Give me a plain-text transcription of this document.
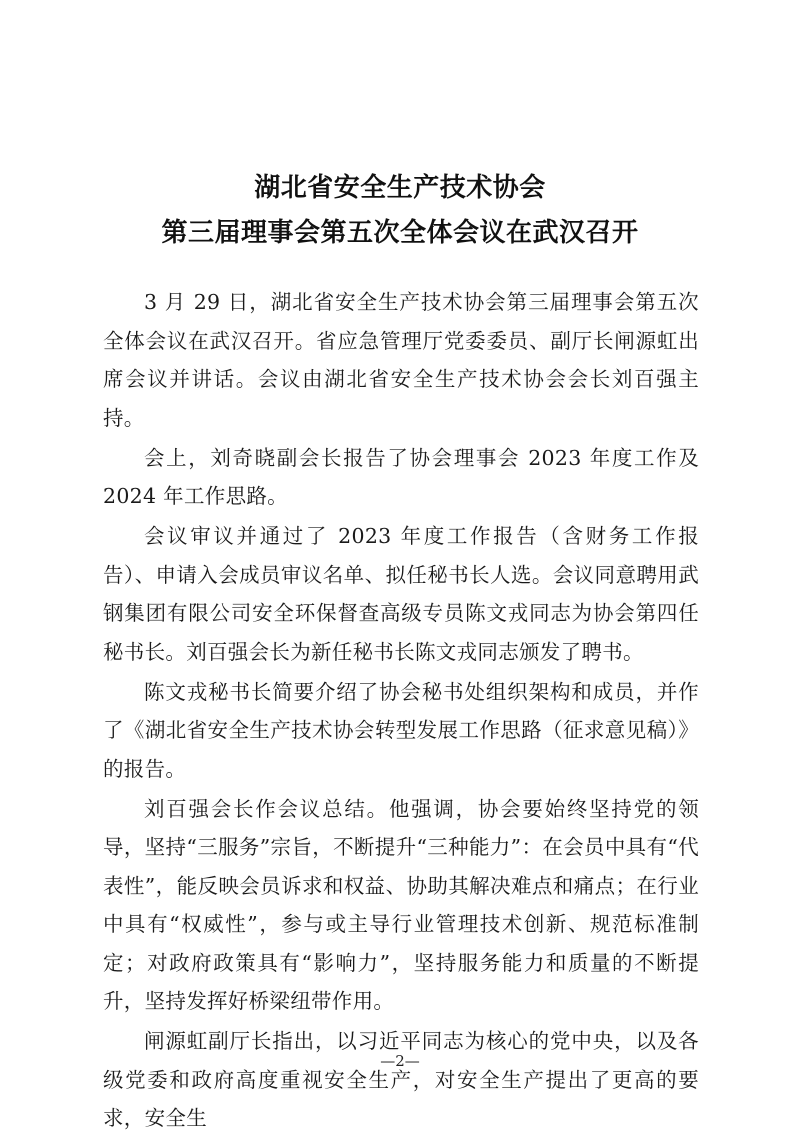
湖北省安全生产技术协会
第三届理事会第五次全体会议在武汉召开

3 月 29 日，湖北省安全生产技术协会第三届理事会第五次全体会议在武汉召开。省应急管理厅党委委员、副厅长闸源虹出席会议并讲话。会议由湖北省安全生产技术协会会长刘百强主持。

会上，刘奇晓副会长报告了协会理事会 2023 年度工作及 2024 年工作思路。

会议审议并通过了 2023 年度工作报告（含财务工作报告）、申请入会成员审议名单、拟任秘书长人选。会议同意聘用武钢集团有限公司安全环保督查高级专员陈文戎同志为协会第四任秘书长。刘百强会长为新任秘书长陈文戎同志颁发了聘书。

陈文戎秘书长简要介绍了协会秘书处组织架构和成员，并作了《湖北省安全生产技术协会转型发展工作思路（征求意见稿）》的报告。

刘百强会长作会议总结。他强调，协会要始终坚持党的领导，坚持“三服务”宗旨，不断提升“三种能力”：在会员中具有“代表性”，能反映会员诉求和权益、协助其解决难点和痛点；在行业中具有“权威性”，参与或主导行业管理技术创新、规范标准制定；对政府政策具有“影响力”，坚持服务能力和质量的不断提升，坚持发挥好桥梁纽带作用。

闸源虹副厅长指出，以习近平同志为核心的党中央，以及各级党委和政府高度重视安全生产，对安全生产提出了更高的要求，安全生

—2—
